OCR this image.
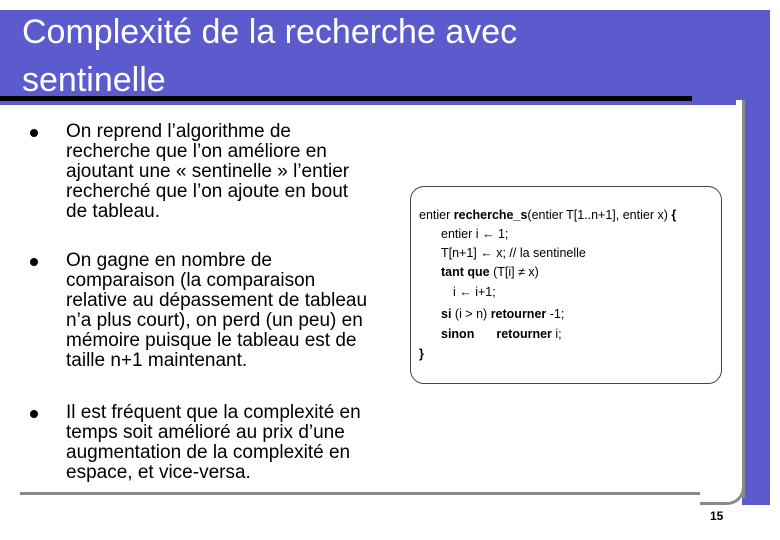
Complexité de la recherche avec
sentinelle
On reprend l’algorithme de
recherche que l’on améliore en
ajoutant une « sentinelle » l’entier
recherché que l’on ajoute en bout
de tableau.
On gagne en nombre de
comparaison (la comparaison
relative au dépassement de tableau
n’a plus court), on perd (un peu) en
mémoire puisque le tableau est de
taille n+1 maintenant.
Il est fréquent que la complexité en
temps soit amélioré au prix d’une
augmentation de la complexité en
espace, et vice-versa.
entier recherche_s(entier T[1..n+1], entier x) {
entier i ← 1;
T[n+1] ← x; // la sentinelle
tant que (T[i] ≠ x)
i ← i+1;
si (i > n) retourner -1;
sinon retourner i;
}
15
